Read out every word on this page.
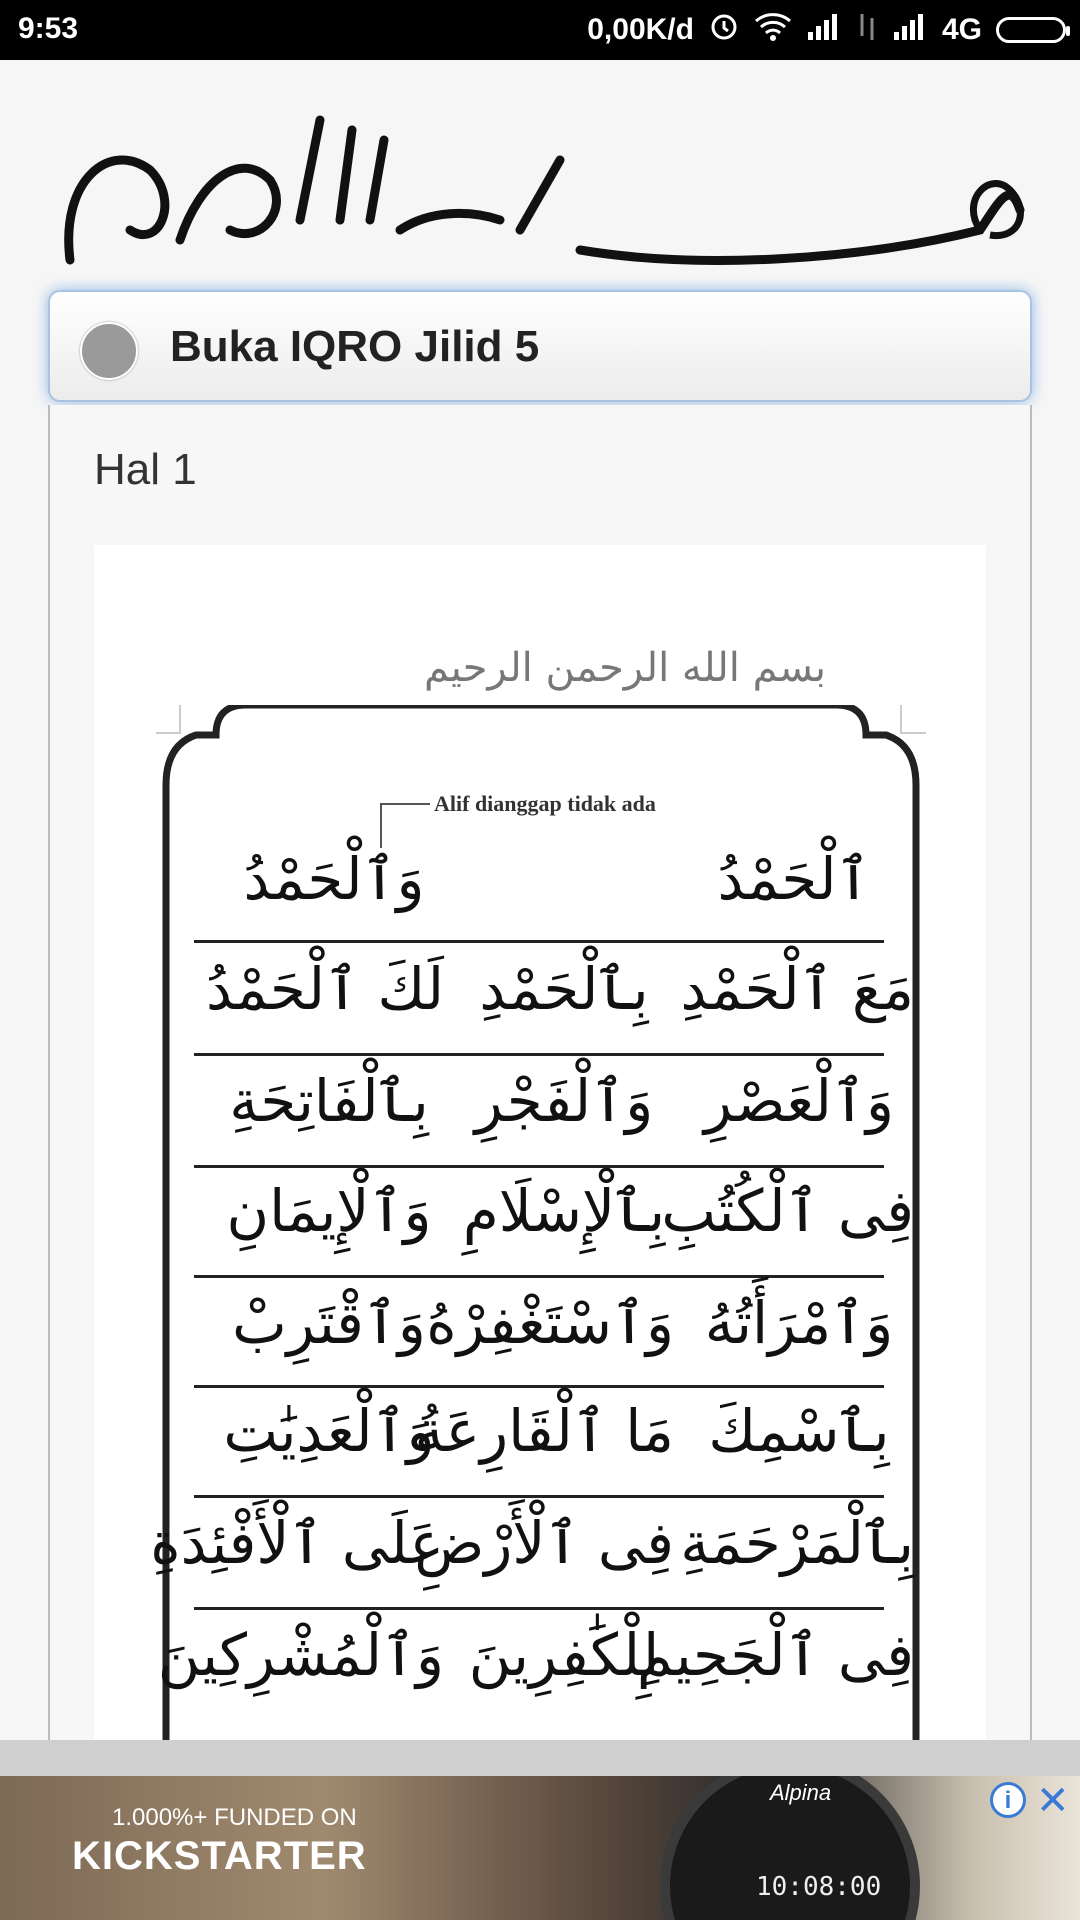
9:53	0,00K/d	4G
Buka IQRO Jilid 5
Hal 1
بسم الله الرحمن الرحيم
Alif dianggap tidak ada
ٱلْحَمْدُ
وَٱلْحَمْدُ
مَعَ ٱلْحَمْدِ
بِٱلْحَمْدِ
لَكَ ٱلْحَمْدُ
وَٱلْعَصْرِ
وَٱلْفَجْرِ
بِٱلْفَاتِحَةِ
فِى ٱلْكُتُبِ
بِٱلْإِسْلَامِ
وَٱلْإِيمَانِ
وَٱمْرَأَتُهُ
وَٱسْتَغْفِرْهُ
وَٱقْتَرِبْ
بِٱسْمِكَ
مَا ٱلْقَارِعَةُ
وَٱلْعَدِيَٰتِ
بِٱلْمَرْحَمَةِ
فِى ٱلْأَرْضِ
عَلَى ٱلْأَفْئِدَةِ
فِى ٱلْجَحِيمِ
لِلْكَٰفِرِينَ
وَٱلْمُشْرِكِينَ
1.000%+ FUNDED ON
KICKSTARTER
Alpina
10:08:00
i ✕
